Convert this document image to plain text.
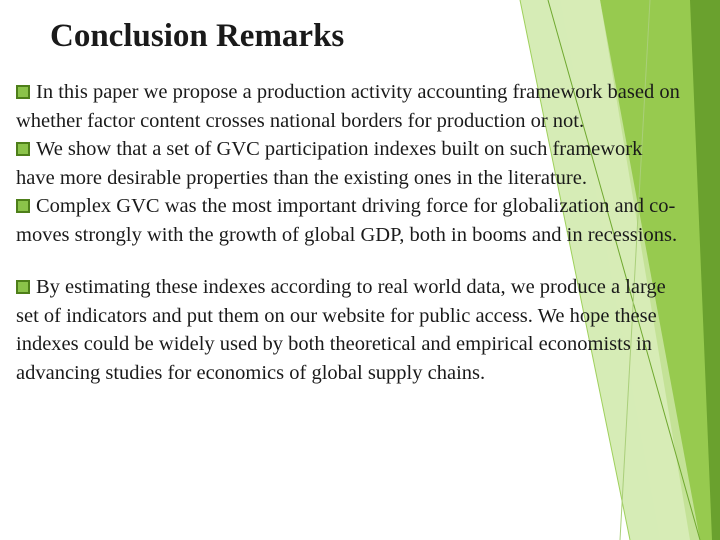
Conclusion Remarks

In this paper we propose a production activity accounting framework based on whether factor content crosses national borders for production or not.

We show that a set of GVC participation indexes built on such framework have more desirable properties than the existing ones in the literature.

Complex GVC was the most important driving force for globalization and co-moves strongly with the growth of global GDP, both in booms and in recessions.

By estimating these indexes according to real world data, we produce a large set of indicators and put them on our website for public access. We hope these indexes could be widely used by both theoretical and empirical economists in advancing studies for economics of global supply chains.
